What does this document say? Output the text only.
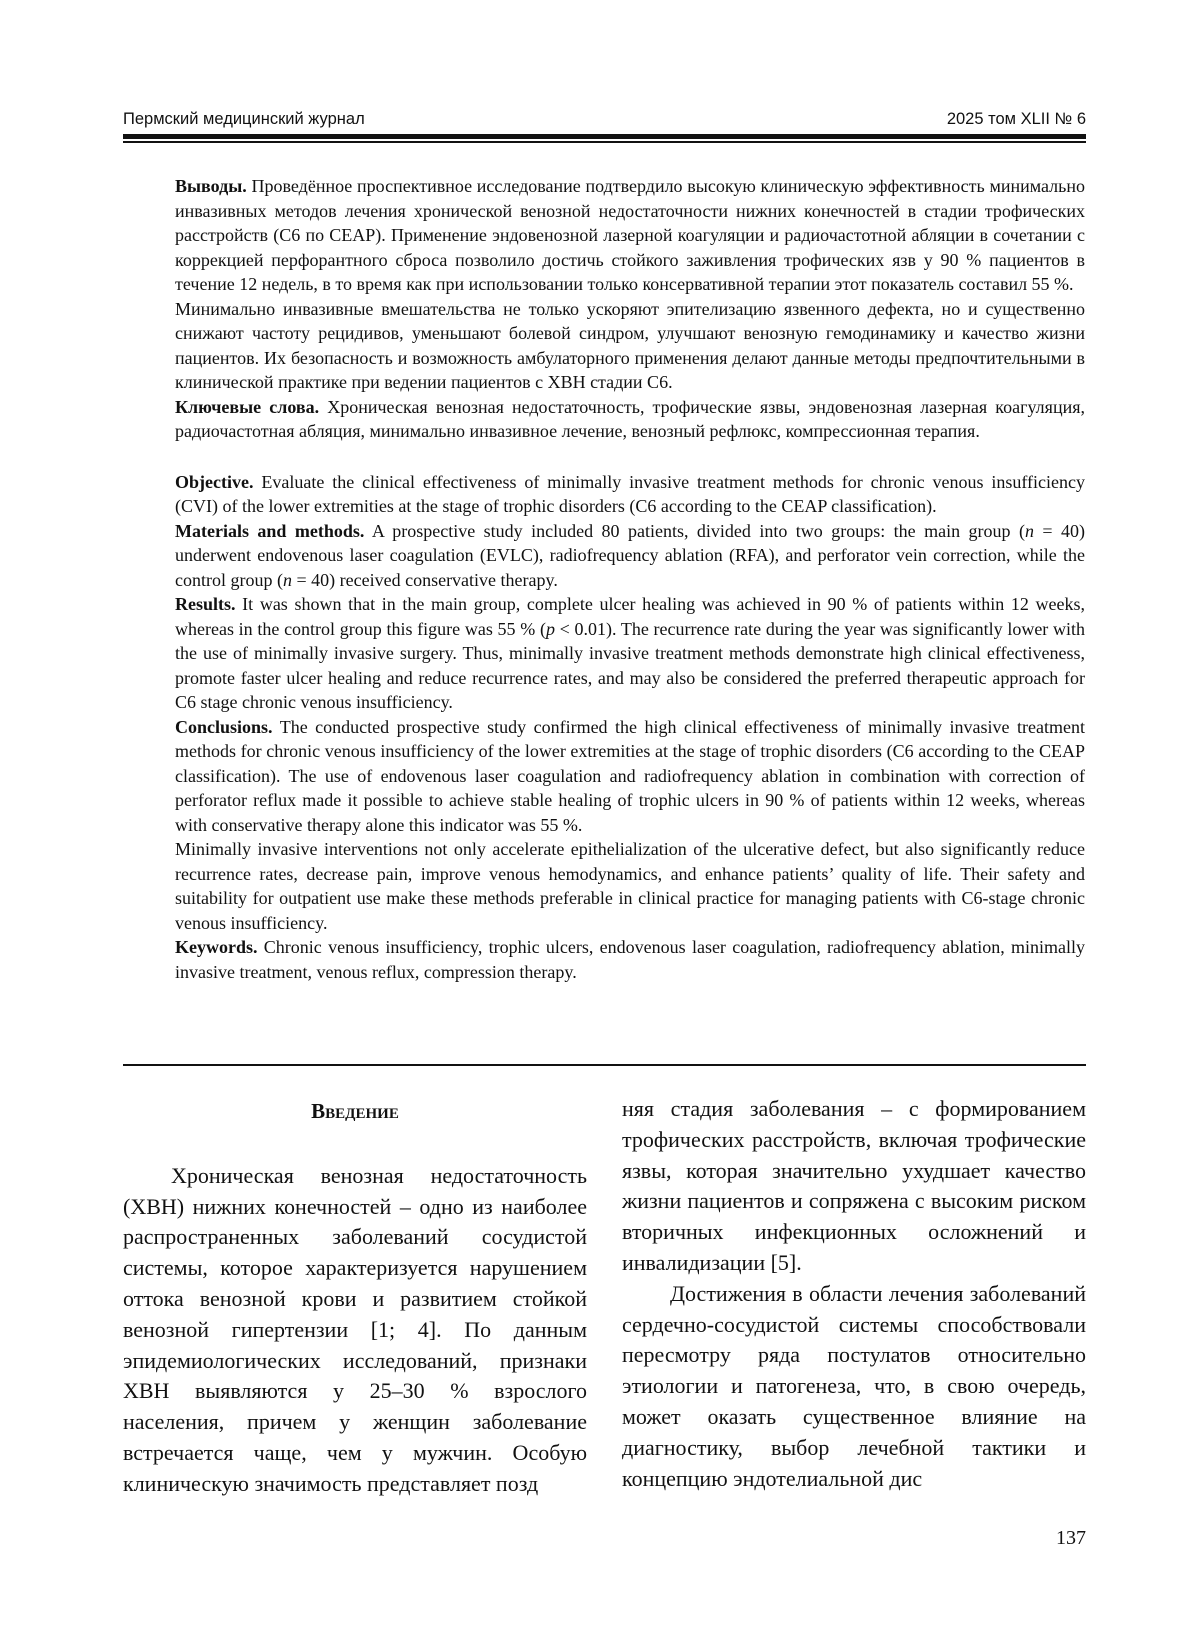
Пермский медицинский журнал	2025 том XLII № 6

Выводы. Проведённое проспективное исследование подтвердило высокую клиническую эффективность минимально инвазивных методов лечения хронической венозной недостаточности нижних конечностей в стадии трофических расстройств (С6 по CEAP). Применение эндовенозной лазерной коагуляции и радиочастотной абляции в сочетании с коррекцией перфорантного сброса позволило достичь стойкого заживления трофических язв у 90 % пациентов в течение 12 недель, в то время как при использовании только консервативной терапии этот показатель составил 55 %.

Минимально инвазивные вмешательства не только ускоряют эпителизацию язвенного дефекта, но и существенно снижают частоту рецидивов, уменьшают болевой синдром, улучшают венозную гемодинамику и качество жизни пациентов. Их безопасность и возможность амбулаторного применения делают данные методы предпочтительными в клинической практике при ведении пациентов с ХВН стадии С6.

Ключевые слова. Хроническая венозная недостаточность, трофические язвы, эндовенозная лазерная коагуляция, радиочастотная абляция, минимально инвазивное лечение, венозный рефлюкс, компрессионная терапия.

Objective. Evaluate the clinical effectiveness of minimally invasive treatment methods for chronic venous insufficiency (CVI) of the lower extremities at the stage of trophic disorders (C6 according to the CEAP classification).

Materials and methods. A prospective study included 80 patients, divided into two groups: the main group (n = 40) underwent endovenous laser coagulation (EVLC), radiofrequency ablation (RFA), and perforator vein correction, while the control group (n = 40) received conservative therapy.

Results. It was shown that in the main group, complete ulcer healing was achieved in 90 % of patients within 12 weeks, whereas in the control group this figure was 55 % (p < 0.01). The recurrence rate during the year was significantly lower with the use of minimally invasive surgery. Thus, minimally invasive treatment methods demonstrate high clinical effectiveness, promote faster ulcer healing and reduce recurrence rates, and may also be considered the preferred therapeutic approach for C6 stage chronic venous insufficiency.

Conclusions. The conducted prospective study confirmed the high clinical effectiveness of minimally invasive treatment methods for chronic venous insufficiency of the lower extremities at the stage of trophic disorders (C6 according to the CEAP classification). The use of endovenous laser coagulation and radiofrequency ablation in combination with correction of perforator reflux made it possible to achieve stable healing of trophic ulcers in 90 % of patients within 12 weeks, whereas with conservative therapy alone this indicator was 55 %.

Minimally invasive interventions not only accelerate epithelialization of the ulcerative defect, but also significantly reduce recurrence rates, decrease pain, improve venous hemodynamics, and enhance patients’ quality of life. Their safety and suitability for outpatient use make these methods preferable in clinical practice for managing patients with C6-stage chronic venous insufficiency.

Keywords. Chronic venous insufficiency, trophic ulcers, endovenous laser coagulation, radiofrequency ablation, minimally invasive treatment, venous reflux, compression therapy.

Введение

Хроническая венозная недостаточность (ХВН) нижних конечностей – одно из наиболее распространенных заболеваний сосудистой системы, которое характеризуется нарушением оттока венозной крови и развитием стойкой венозной гипертензии [1; 4]. По данным эпидемиологических исследований, признаки ХВН выявляются у 25–30 % взрослого населения, причем у женщин заболевание встречается чаще, чем у мужчин. Особую клиническую значимость представляет позд

няя стадия заболевания – с формированием трофических расстройств, включая трофические язвы, которая значительно ухудшает качество жизни пациентов и сопряжена с высоким риском вторичных инфекционных осложнений и инвалидизации [5].

Достижения в области лечения заболеваний сердечно-сосудистой системы способствовали пересмотру ряда постулатов относительно этиологии и патогенеза, что, в свою очередь, может оказать существенное влияние на диагностику, выбор лечебной тактики и концепцию эндотелиальной дис

137
